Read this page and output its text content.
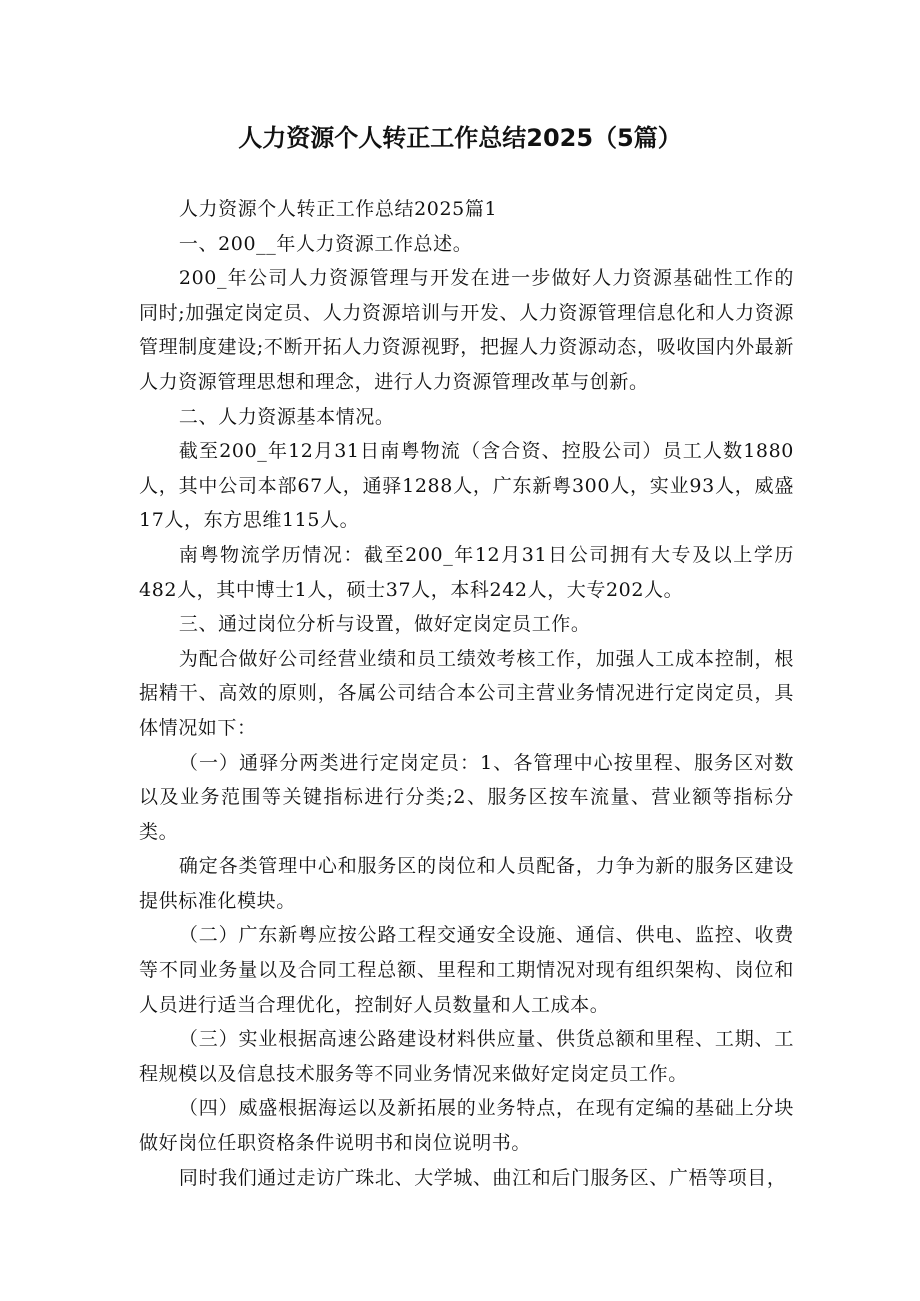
人力资源个人转正工作总结2025（5篇）

人力资源个人转正工作总结2025篇1

一、200__年人力资源工作总述。

200_年公司人力资源管理与开发在进一步做好人力资源基础性工作的同时;加强定岗定员、人力资源培训与开发、人力资源管理信息化和人力资源管理制度建设;不断开拓人力资源视野，把握人力资源动态，吸收国内外最新人力资源管理思想和理念，进行人力资源管理改革与创新。

二、人力资源基本情况。

截至200_年12月31日南粤物流（含合资、控股公司）员工人数1880人，其中公司本部67人，通驿1288人，广东新粤300人，实业93人，威盛17人，东方思维115人。

南粤物流学历情况：截至200_年12月31日公司拥有大专及以上学历482人，其中博士1人，硕士37人，本科242人，大专202人。

三、通过岗位分析与设置，做好定岗定员工作。

为配合做好公司经营业绩和员工绩效考核工作，加强人工成本控制，根据精干、高效的原则，各属公司结合本公司主营业务情况进行定岗定员，具体情况如下：

（一）通驿分两类进行定岗定员：1、各管理中心按里程、服务区对数以及业务范围等关键指标进行分类;2、服务区按车流量、营业额等指标分类。

确定各类管理中心和服务区的岗位和人员配备，力争为新的服务区建设提供标准化模块。

（二）广东新粤应按公路工程交通安全设施、通信、供电、监控、收费等不同业务量以及合同工程总额、里程和工期情况对现有组织架构、岗位和人员进行适当合理优化，控制好人员数量和人工成本。

（三）实业根据高速公路建设材料供应量、供货总额和里程、工期、工程规模以及信息技术服务等不同业务情况来做好定岗定员工作。

（四）威盛根据海运以及新拓展的业务特点，在现有定编的基础上分块做好岗位任职资格条件说明书和岗位说明书。

同时我们通过走访广珠北、大学城、曲江和后门服务区、广梧等项目，
